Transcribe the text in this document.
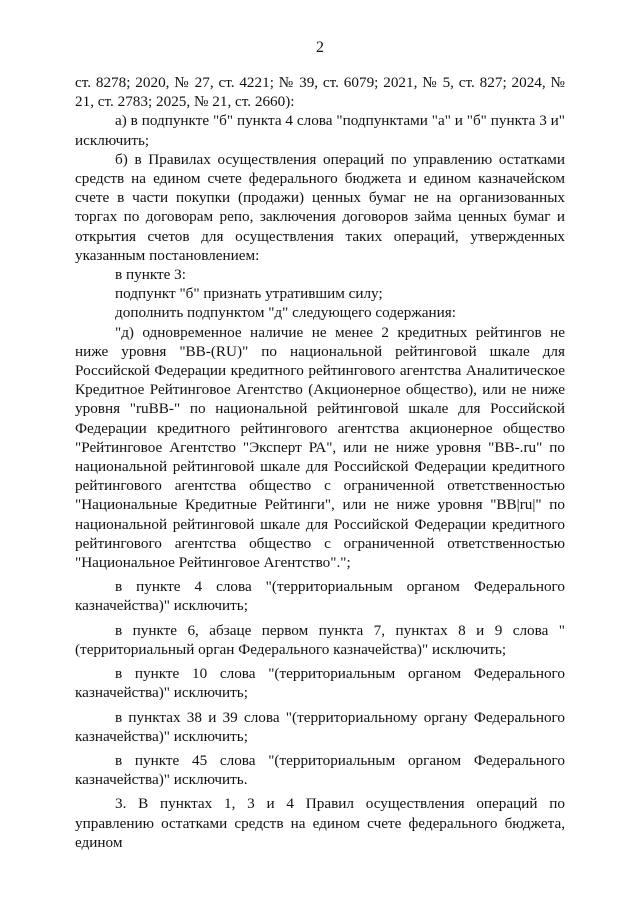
2

ст. 8278; 2020, № 27, ст. 4221; № 39, ст. 6079; 2021, № 5, ст. 827; 2024, № 21, ст. 2783; 2025, № 21, ст. 2660):

а) в подпункте "б" пункта 4 слова "подпунктами "а" и "б" пункта 3 и" исключить;

б) в Правилах осуществления операций по управлению остатками средств на едином счете федерального бюджета и едином казначейском счете в части покупки (продажи) ценных бумаг не на организованных торгах по договорам репо, заключения договоров займа ценных бумаг и открытия счетов для осуществления таких операций, утвержденных указанным постановлением:

в пункте 3:

подпункт "б" признать утратившим силу;

дополнить подпунктом "д" следующего содержания:

"д) одновременное наличие не менее 2 кредитных рейтингов не ниже уровня "BB-(RU)" по национальной рейтинговой шкале для Российской Федерации кредитного рейтингового агентства Аналитическое Кредитное Рейтинговое Агентство (Акционерное общество), или не ниже уровня "ruBB-" по национальной рейтинговой шкале для Российской Федерации кредитного рейтингового агентства акционерное общество "Рейтинговое Агентство "Эксперт РА", или не ниже уровня "BB-.ru" по национальной рейтинговой шкале для Российской Федерации кредитного рейтингового агентства общество с ограниченной ответственностью "Национальные Кредитные Рейтинги", или не ниже уровня "BB|ru|" по национальной рейтинговой шкале для Российской Федерации кредитного рейтингового агентства общество с ограниченной ответственностью "Национальное Рейтинговое Агентство".";

в пункте 4 слова "(территориальным органом Федерального казначейства)" исключить;

в пункте 6, абзаце первом пункта 7, пунктах 8 и 9 слова "(территориальный орган Федерального казначейства)" исключить;

в пункте 10 слова "(территориальным органом Федерального казначейства)" исключить;

в пунктах 38 и 39 слова "(территориальному органу Федерального казначейства)" исключить;

в пункте 45 слова "(территориальным органом Федерального казначейства)" исключить.

3. В пунктах 1, 3 и 4 Правил осуществления операций по управлению остатками средств на едином счете федерального бюджета, едином
